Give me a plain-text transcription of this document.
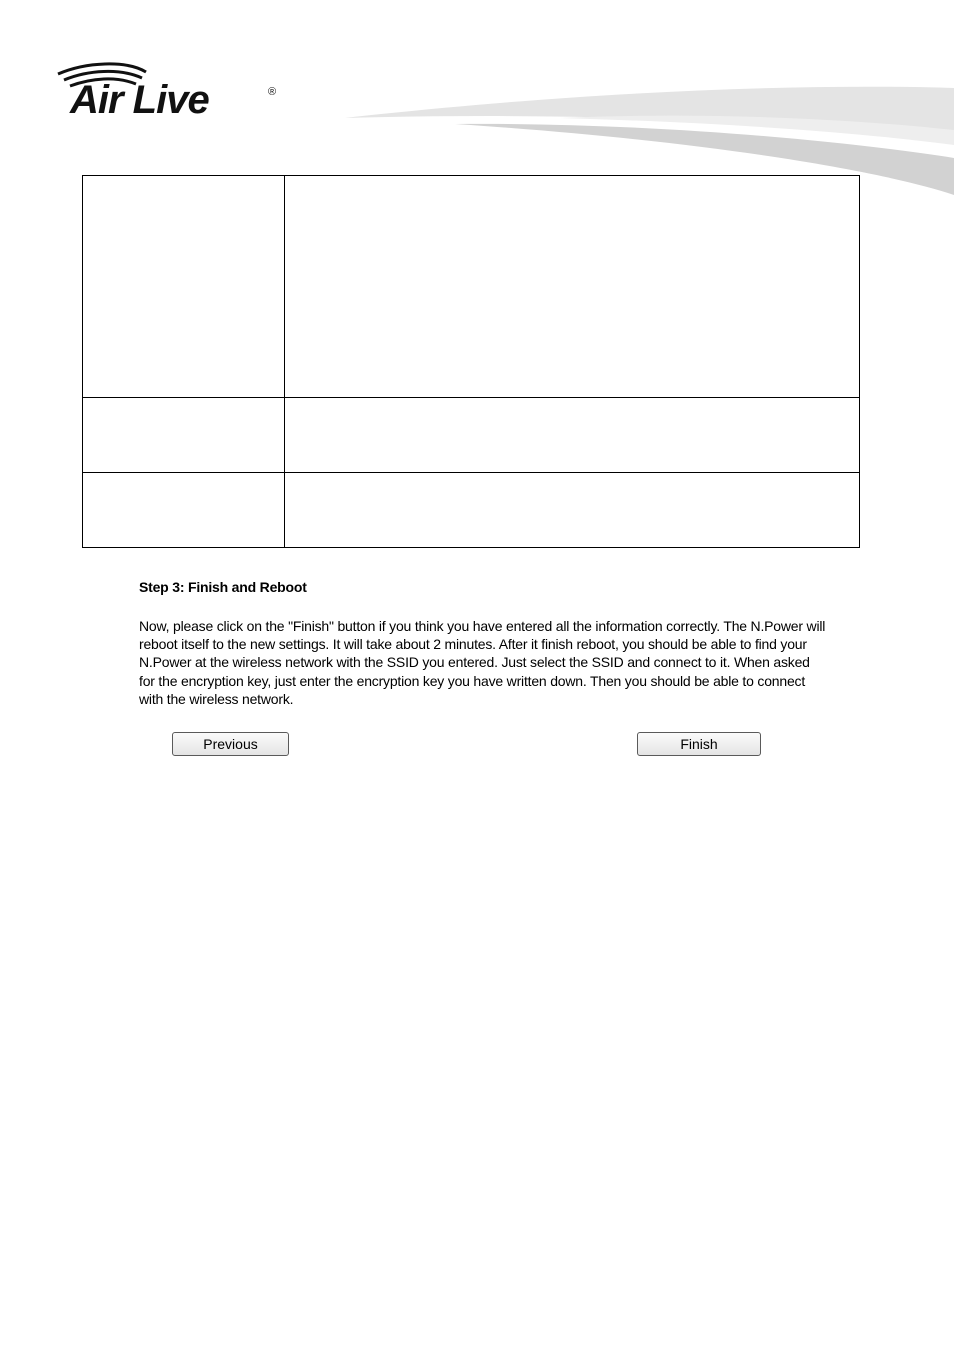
Air Live	®

Step 3: Finish and Reboot

Now, please click on the "Finish" button if you think you have entered all the information correctly. The N.Power will reboot itself to the new settings. It will take about 2 minutes. After it finish reboot, you should be able to find your N.Power at the wireless network with the SSID you entered. Just select the SSID and connect to it. When asked for the encryption key, just enter the encryption key you have written down. Then you should be able to connect with the wireless network.

Previous	Finish
